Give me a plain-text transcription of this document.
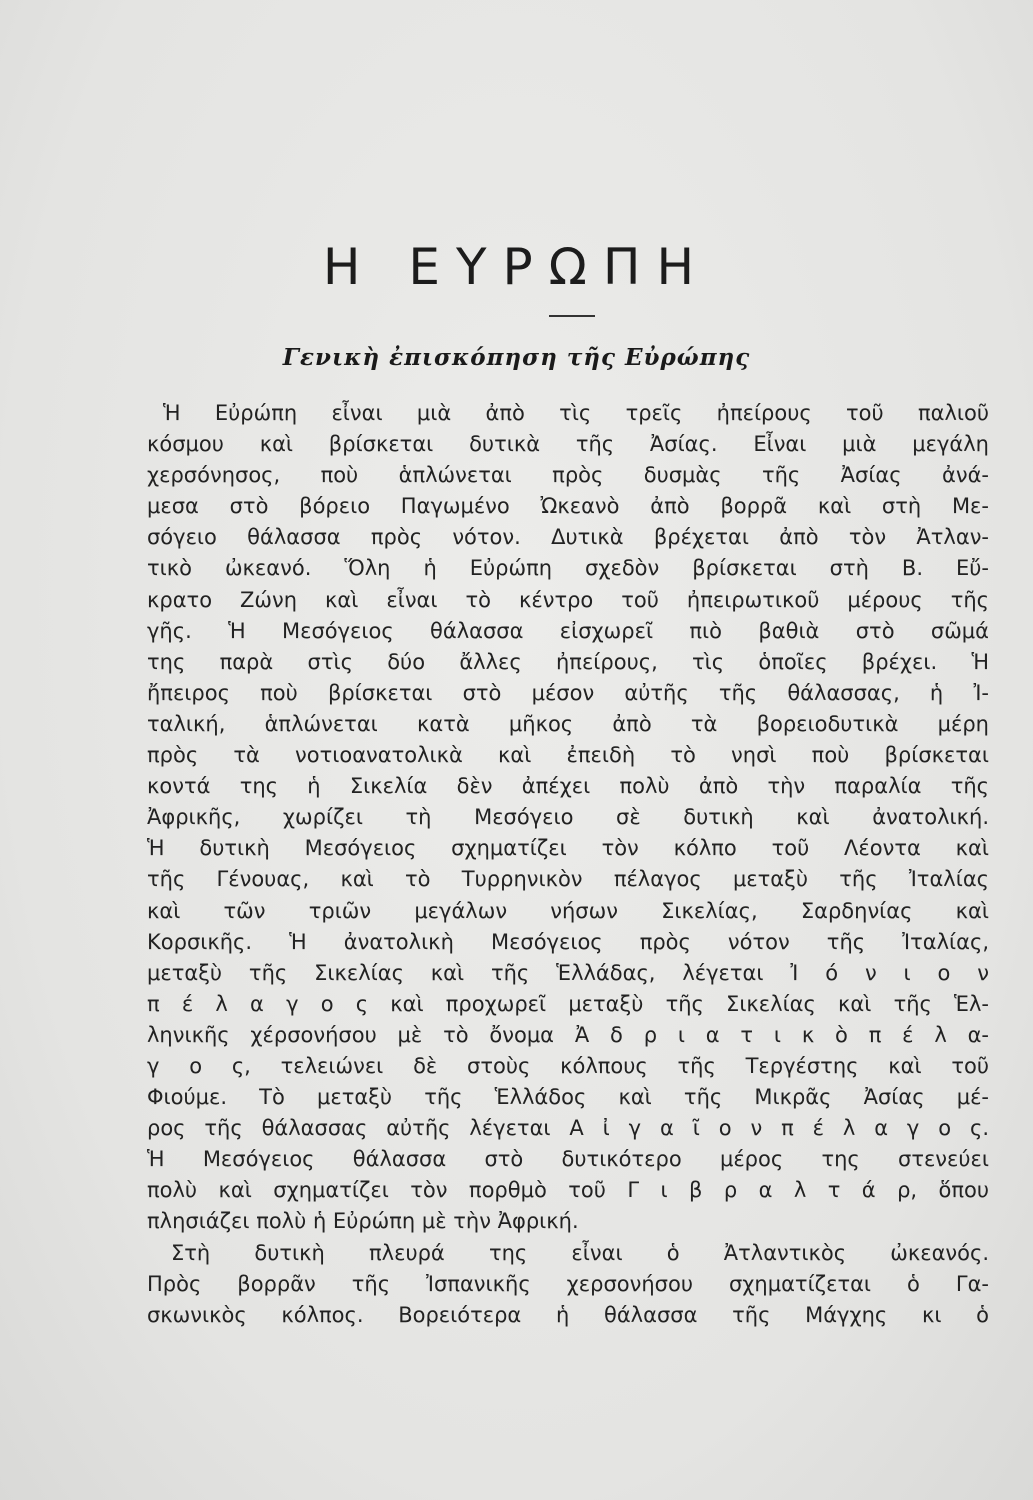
Η ΕΥΡΩΠΗ
Γενικὴ ἐπισκόπηση τῆς Εὐρώπης
Ἡ Εὐρώπη εἶναι μιὰ ἀπὸ τὶς τρεῖς ἠπείρους τοῦ παλιοῦ
κόσμου καὶ βρίσκεται δυτικὰ τῆς Ἀσίας. Εἶναι μιὰ μεγάλη
χερσόνησος, ποὺ ἁπλώνεται πρὸς δυσμὰς τῆς Ἀσίας ἀνά-
μεσα στὸ βόρειο Παγωμένο Ὠκεανὸ ἀπὸ βορρᾶ καὶ στὴ Με-
σόγειο θάλασσα πρὸς νότον. Δυτικὰ βρέχεται ἀπὸ τὸν Ἀτλαν-
τικὸ ὠκεανό. Ὅλη ἡ Εὐρώπη σχεδὸν βρίσκεται στὴ Β. Εὔ-
κρατο Ζώνη καὶ εἶναι τὸ κέντρο τοῦ ἠπειρωτικοῦ μέρους τῆς
γῆς. Ἡ Μεσόγειος θάλασσα εἰσχωρεῖ πιὸ βαθιὰ στὸ σῶμά
της παρὰ στὶς δύο ἄλλες ἠπείρους, τὶς ὁποῖες βρέχει. Ἡ
ἤπειρος ποὺ βρίσκεται στὸ μέσον αὐτῆς τῆς θάλασσας, ἡ Ἰ-
ταλική, ἁπλώνεται κατὰ μῆκος ἀπὸ τὰ βορειοδυτικὰ μέρη
πρὸς τὰ νοτιοανατολικὰ καὶ ἐπειδὴ τὸ νησὶ ποὺ βρίσκεται
κοντά της ἡ Σικελία δὲν ἀπέχει πολὺ ἀπὸ τὴν παραλία τῆς
Ἀφρικῆς, χωρίζει τὴ Μεσόγειο σὲ δυτικὴ καὶ ἀνατολική.
Ἡ δυτικὴ Μεσόγειος σχηματίζει τὸν κόλπο τοῦ Λέοντα καὶ
τῆς Γένουας, καὶ τὸ Τυρρηνικὸν πέλαγος μεταξὺ τῆς Ἰταλίας
καὶ τῶν τριῶν μεγάλων νήσων Σικελίας, Σαρδηνίας καὶ
Κορσικῆς. Ἡ ἀνατολικὴ Μεσόγειος πρὸς νότον τῆς Ἰταλίας,
μεταξὺ τῆς Σικελίας καὶ τῆς Ἑλλάδας, λέγεται Ἰ ό ν ι ο ν
π έ λ α γ ο ς καὶ προχωρεῖ μεταξὺ τῆς Σικελίας καὶ τῆς Ἑλ-
ληνικῆς χέρσονήσου μὲ τὸ ὄνομα Ἀ δ ρ ι α τ ι κ ὸ π έ λ α-
γ ο ς, τελειώνει δὲ στοὺς κόλπους τῆς Τεργέστης καὶ τοῦ
Φιούμε. Τὸ μεταξὺ τῆς Ἑλλάδος καὶ τῆς Μικρᾶς Ἀσίας μέ-
ρος τῆς θάλασσας αὐτῆς λέγεται Α ἰ γ α ῖ ο ν π έ λ α γ ο ς.
Ἡ Μεσόγειος θάλασσα στὸ δυτικότερο μέρος της στενεύει
πολὺ καὶ σχηματίζει τὸν πορθμὸ τοῦ Γ ι β ρ α λ τ ά ρ, ὅπου
πλησιάζει πολὺ ἡ Εὐρώπη μὲ τὴν Ἀφρική.
Στὴ δυτικὴ πλευρά της εἶναι ὁ Ἀτλαντικὸς ὠκεανός.
Πρὸς βορρᾶν τῆς Ἰσπανικῆς χερσονήσου σχηματίζεται ὁ Γα-
σκωνικὸς κόλπος. Βορειότερα ἡ θάλασσα τῆς Μάγχης κι ὁ
